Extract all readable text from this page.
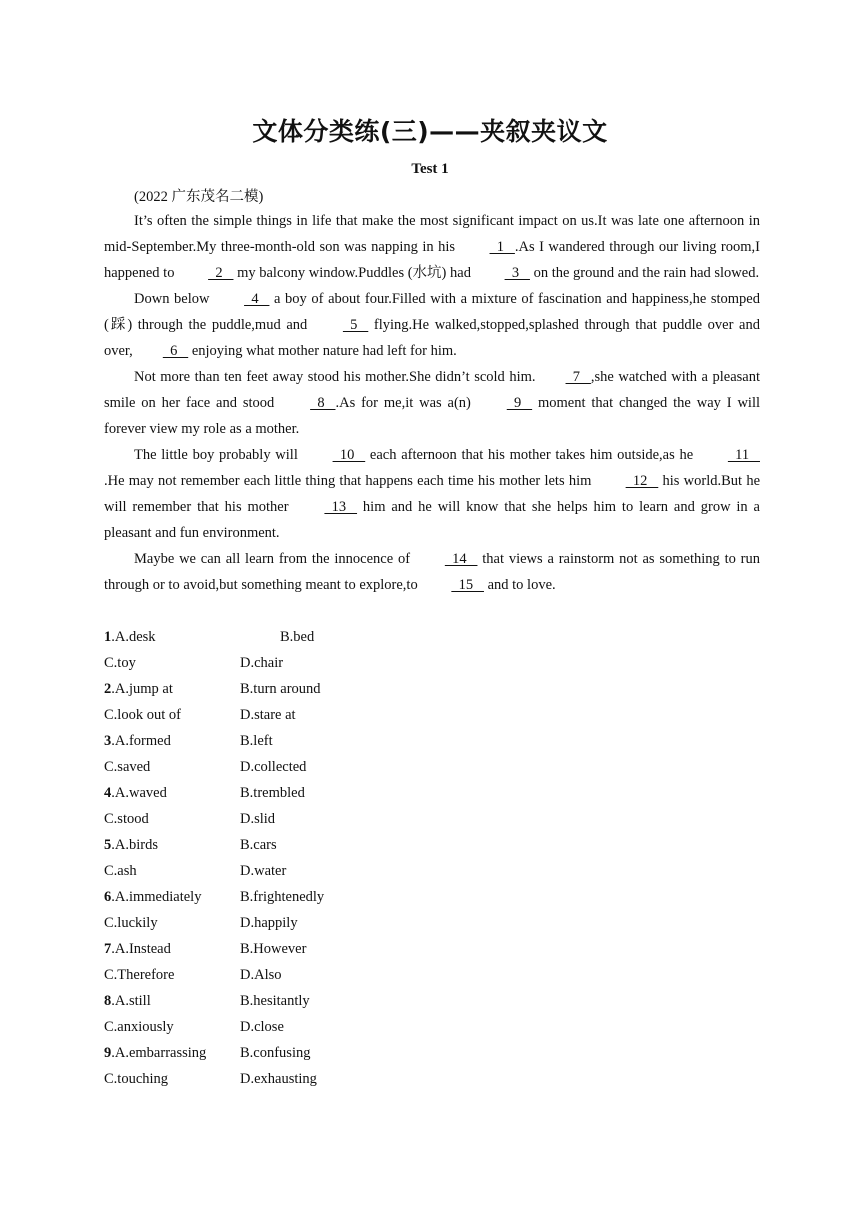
文体分类练(三)——夹叙夹议文
Test 1
(2022 广东茂名二模)

It’s often the simple things in life that make the most significant impact on us.It was late one afternoon in mid-September.My three-month-old son was napping in his   1   .As I wandered through our living room,I happened to   2    my balcony window.Puddles (水坑) had   3    on the ground and the rain had slowed.

Down below   4    a boy of about four.Filled with a mixture of fascination and happiness,he stomped (踩) through the puddle,mud and   5    flying.He walked,stopped,splashed through that puddle over and over,  6    enjoying what mother nature had left for him.

Not more than ten feet away stood his mother.She didn’t scold him.  7   ,she watched with a pleasant smile on her face and stood   8   .As for me,it was a(n)   9    moment that changed the way I will forever view my role as a mother.

The little boy probably will   10    each afternoon that his mother takes him outside,as he   11   .He may not remember each little thing that happens each time his mother lets him   12    his world.But he will remember that his mother   13    him and he will know that she helps him to learn and grow in a pleasant and fun environment.

Maybe we can all learn from the innocence of   14    that views a rainstorm not as something to run through or to avoid,but something meant to explore,to   15    and to love.

1.A.desk	B.bed
C.toy	D.chair
2.A.jump at	B.turn around
C.look out of	D.stare at
3.A.formed	B.left
C.saved	D.collected
4.A.waved	B.trembled
C.stood	D.slid
5.A.birds	B.cars
C.ash	D.water
6.A.immediately	B.frightenedly
C.luckily	D.happily
7.A.Instead	B.However
C.Therefore	D.Also
8.A.still	B.hesitantly
C.anxiously	D.close
9.A.embarrassing B.confusing
C.touching	D.exhausting
